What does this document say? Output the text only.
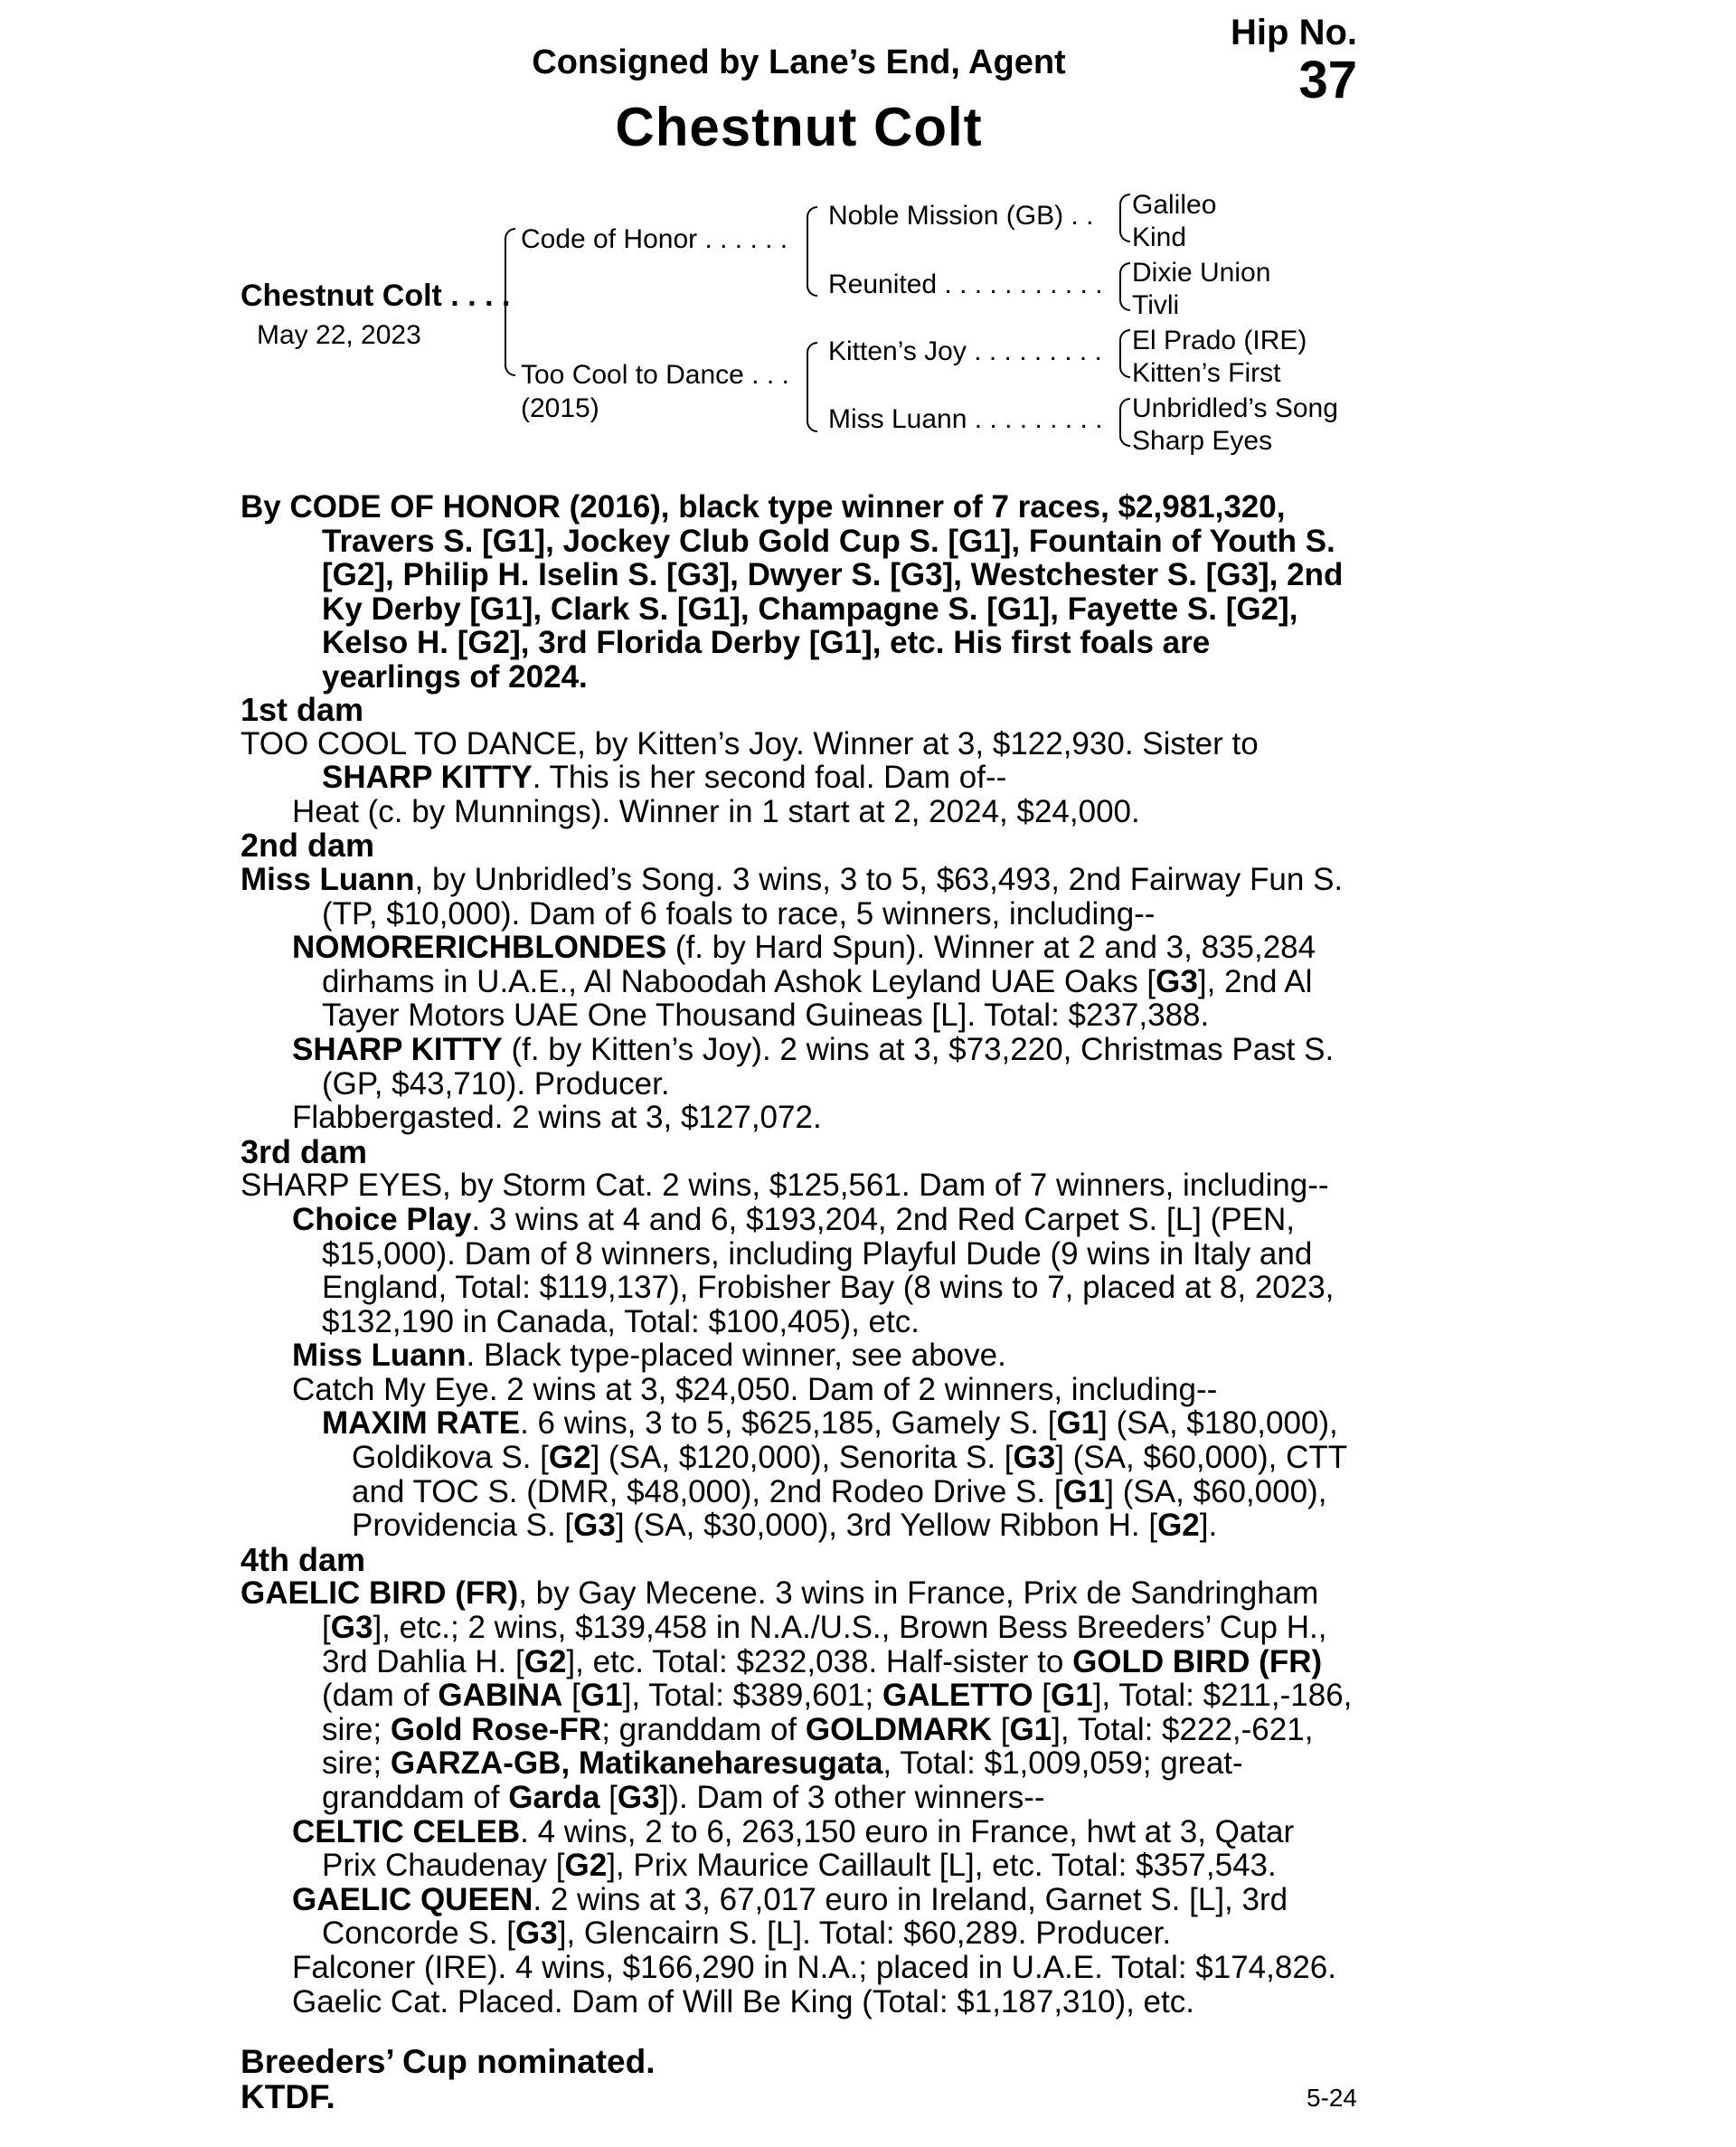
Hip No.
37
Consigned by Lane’s End, Agent
Chestnut Colt
Chestnut Colt . . . .
May 22, 2023
Code of Honor . . . . . .
Too Cool to Dance . . .
(2015)
Noble Mission (GB) . .
Reunited . . . . . . . . . . .
Kitten’s Joy . . . . . . . . .
Miss Luann . . . . . . . . .
Galileo
Kind
Dixie Union
Tivli
El Prado (IRE)
Kitten’s First
Unbridled’s Song
Sharp Eyes

By CODE OF HONOR (2016), black type winner of 7 races, $2,981,320, Travers S. [G1], Jockey Club Gold Cup S. [G1], Fountain of Youth S. [G2], Philip H. Iselin S. [G3], Dwyer S. [G3], Westchester S. [G3], 2nd Ky Derby [G1], Clark S. [G1], Champagne S. [G1], Fayette S. [G2], Kelso H. [G2], 3rd Florida Derby [G1], etc. His first foals are yearlings of 2024.

1st dam

TOO COOL TO DANCE, by Kitten’s Joy. Winner at 3, $122,930. Sister to SHARP KITTY. This is her second foal. Dam of--

Heat (c. by Munnings). Winner in 1 start at 2, 2024, $24,000.

2nd dam

Miss Luann, by Unbridled’s Song. 3 wins, 3 to 5, $63,493, 2nd Fairway Fun S. (TP, $10,000). Dam of 6 foals to race, 5 winners, including--

NOMORERICHBLONDES (f. by Hard Spun). Winner at 2 and 3, 835,284 dirhams in U.A.E., Al Naboodah Ashok Leyland UAE Oaks [G3], 2nd Al Tayer Motors UAE One Thousand Guineas [L]. Total: $237,388.

SHARP KITTY (f. by Kitten’s Joy). 2 wins at 3, $73,220, Christmas Past S. (GP, $43,710). Producer.

Flabbergasted. 2 wins at 3, $127,072.

3rd dam

SHARP EYES, by Storm Cat. 2 wins, $125,561. Dam of 7 winners, including--

Choice Play. 3 wins at 4 and 6, $193,204, 2nd Red Carpet S. [L] (PEN, $15,000). Dam of 8 winners, including Playful Dude (9 wins in Italy and England, Total: $119,137), Frobisher Bay (8 wins to 7, placed at 8, 2023, $132,190 in Canada, Total: $100,405), etc.

Miss Luann. Black type-placed winner, see above.

Catch My Eye. 2 wins at 3, $24,050. Dam of 2 winners, including--

MAXIM RATE. 6 wins, 3 to 5, $625,185, Gamely S. [G1] (SA, $180,000), Goldikova S. [G2] (SA, $120,000), Senorita S. [G3] (SA, $60,000), CTT and TOC S. (DMR, $48,000), 2nd Rodeo Drive S. [G1] (SA, $60,000), Providencia S. [G3] (SA, $30,000), 3rd Yellow Ribbon H. [G2].

4th dam

GAELIC BIRD (FR), by Gay Mecene. 3 wins in France, Prix de Sandringham [G3], etc.; 2 wins, $139,458 in N.A./U.S., Brown Bess Breeders’ Cup H., 3rd Dahlia H. [G2], etc. Total: $232,038. Half-sister to GOLD BIRD (FR) (dam of GABINA [G1], Total: $389,601; GALETTO [G1], Total: $211,-186, sire; Gold Rose-FR; granddam of GOLDMARK [G1], Total: $222,-621, sire; GARZA-GB, Matikaneharesugata, Total: $1,009,059; great-granddam of Garda [G3]). Dam of 3 other winners--

CELTIC CELEB. 4 wins, 2 to 6, 263,150 euro in France, hwt at 3, Qatar Prix Chaudenay [G2], Prix Maurice Caillault [L], etc. Total: $357,543.

GAELIC QUEEN. 2 wins at 3, 67,017 euro in Ireland, Garnet S. [L], 3rd Concorde S. [G3], Glencairn S. [L]. Total: $60,289. Producer.

Falconer (IRE). 4 wins, $166,290 in N.A.; placed in U.A.E. Total: $174,826.

Gaelic Cat. Placed. Dam of Will Be King (Total: $1,187,310), etc.

Breeders’ Cup nominated.
KTDF.	5-24
